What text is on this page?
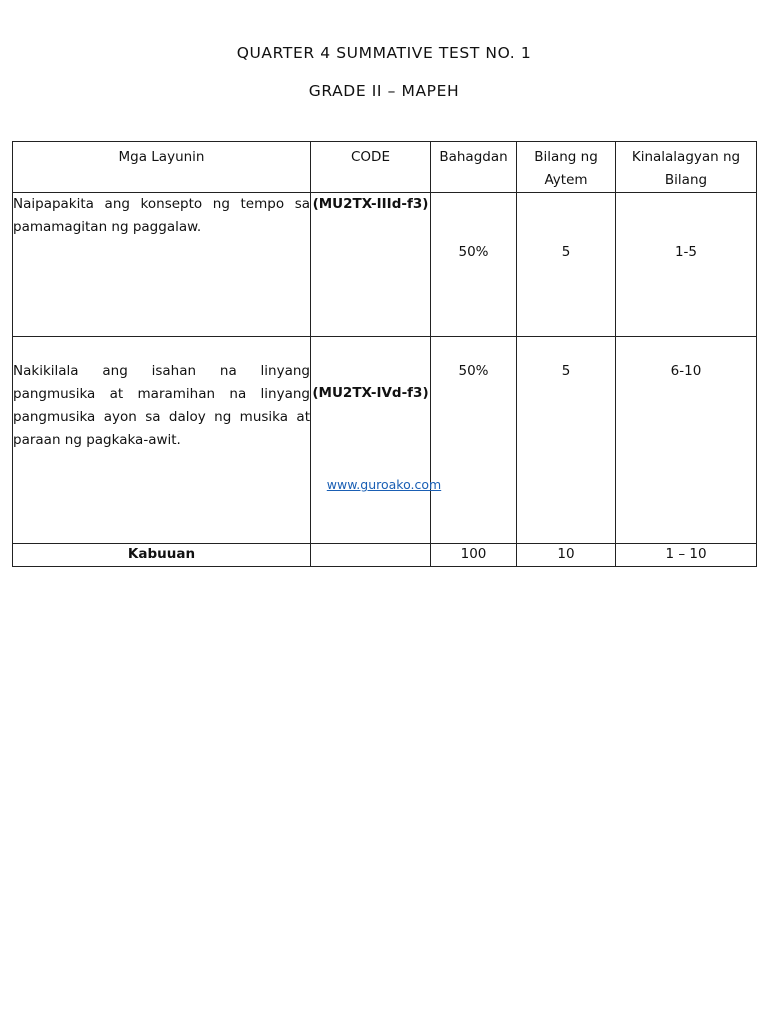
QUARTER 4 SUMMATIVE TEST NO. 1
GRADE II – MAPEH
Mga Layunin	CODE	Bahagdan	Bilang ng Aytem	Kinalalagyan ng Bilang
Naipapakita ang konsepto ng tempo sa pamamagitan ng paggalaw.	(MU2TX-IIId-f3)	50%	5	1-5
Nakikilala ang isahan na linyang pangmusika at maramihan na linyang pangmusika ayon sa daloy ng musika at paraan ng pagkaka-awit.	(MU2TX-IVd-f3)	50%	5	6-10
Kabuuan		100	10	1 – 10
www.guroako.com
